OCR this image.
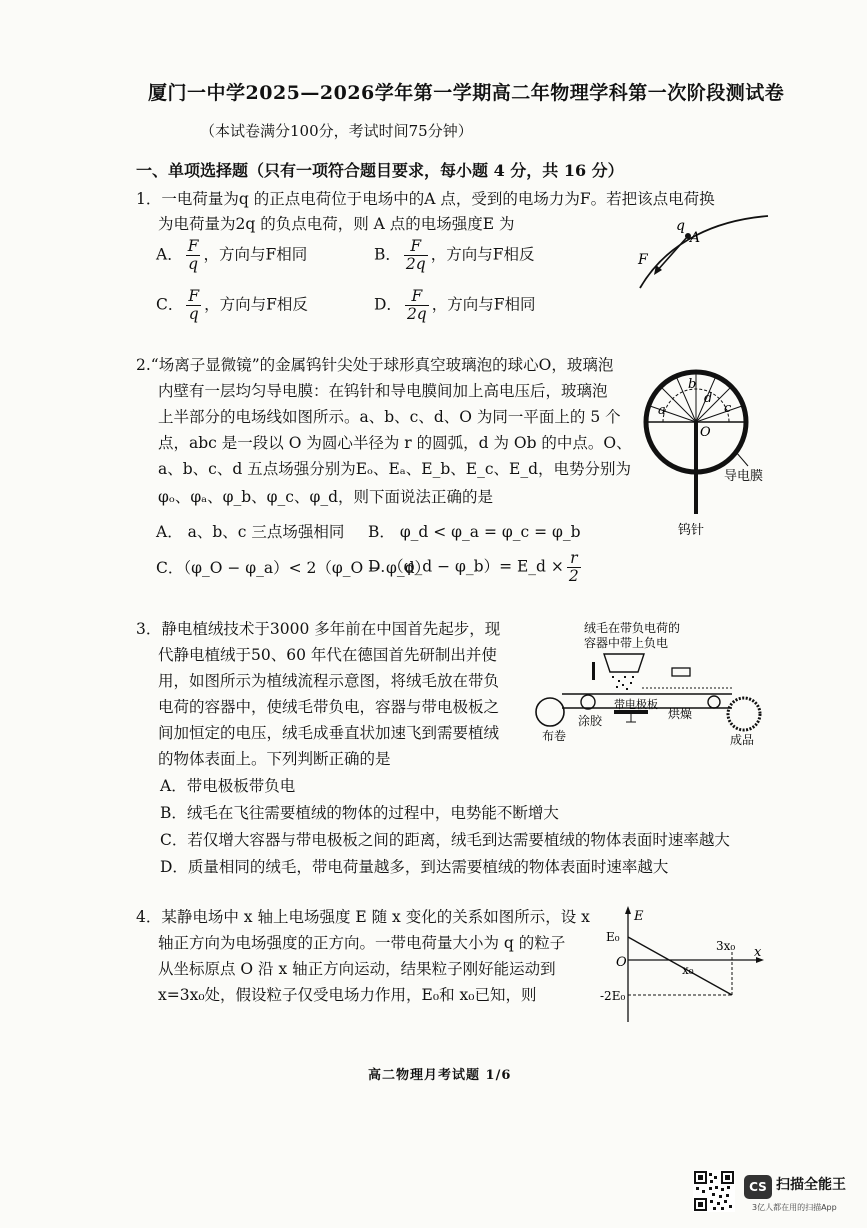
厦门一中学2025—2026学年第一学期高二年物理学科第一次阶段测试卷
（本试卷满分100分，考试时间75分钟）
一、单项选择题（只有一项符合题目要求，每小题 4 分，共 16 分）
1．一电荷量为q 的正点电荷位于电场中的A 点，受到的电场力为F。若把该点电荷换
为电荷量为2q 的负点电荷，则 A 点的电场强度E 为
A． $\frac{F}{q}$ ，方向与F相同	B． $\frac{F}{2q}$ ，方向与F相反
C． $\frac{F}{q}$ ，方向与F相反	D． $\frac{F}{2q}$ ，方向与F相同
q
A
F
2.“场离子显微镜”的金属钨针尖处于球形真空玻璃泡的球心O，玻璃泡
内壁有一层均匀导电膜：在钨针和导电膜间加上高电压后，玻璃泡
上半部分的电场线如图所示。a、b、c、d、O 为同一平面上的 5 个
点，abc 是一段以 O 为圆心半径为 r 的圆弧，d 为 Ob 的中点。O、
a、b、c、d 五点场强分别为Eₒ、Eₐ、E_b、E_c、E_d，电势分别为
φₒ、φₐ、φ_b、φ_c、φ_d，则下面说法正确的是
A． a、b、c 三点场强相同 B． φ_d < φ_a = φ_c = φ_b
C．（φ_O − φ_a）< 2（φ_O − φ_d）
D．（φ_d − φ_b）= E_d × $\frac{r}{2}$
a
b
c
d
O
导电膜
钨针
3．静电植绒技术于3000 多年前在中国首先起步，现
代静电植绒于50、60 年代在德国首先研制出并使
用，如图所示为植绒流程示意图，将绒毛放在带负
电荷的容器中，使绒毛带负电，容器与带电极板之
间加恒定的电压，绒毛成垂直状加速飞到需要植绒
的物体表面上。下列判断正确的是
A．带电极板带负电
B．绒毛在飞往需要植绒的物体的过程中，电势能不断增大
C．若仅增大容器与带电极板之间的距离，绒毛到达需要植绒的物体表面时速率越大
D．质量相同的绒毛，带电荷量越多，到达需要植绒的物体表面时速率越大
绒毛在带负电荷的
容器中带上负电
布卷
涂胶
带电极板
烘燥
成品
4．某静电场中 x 轴上电场强度 E 随 x 变化的关系如图所示，设 x
轴正方向为电场强度的正方向。一带电荷量大小为 q 的粒子
从坐标原点 O 沿 x 轴正方向运动，结果粒子刚好能运动到
x=3x₀处，假设粒子仅受电场力作用，E₀和 x₀已知，则
E
x
O
E₀
-2E₀
x₀
3x₀
高二物理月考试题 1/6
CS 扫描全能王
3亿人都在用的扫描App
